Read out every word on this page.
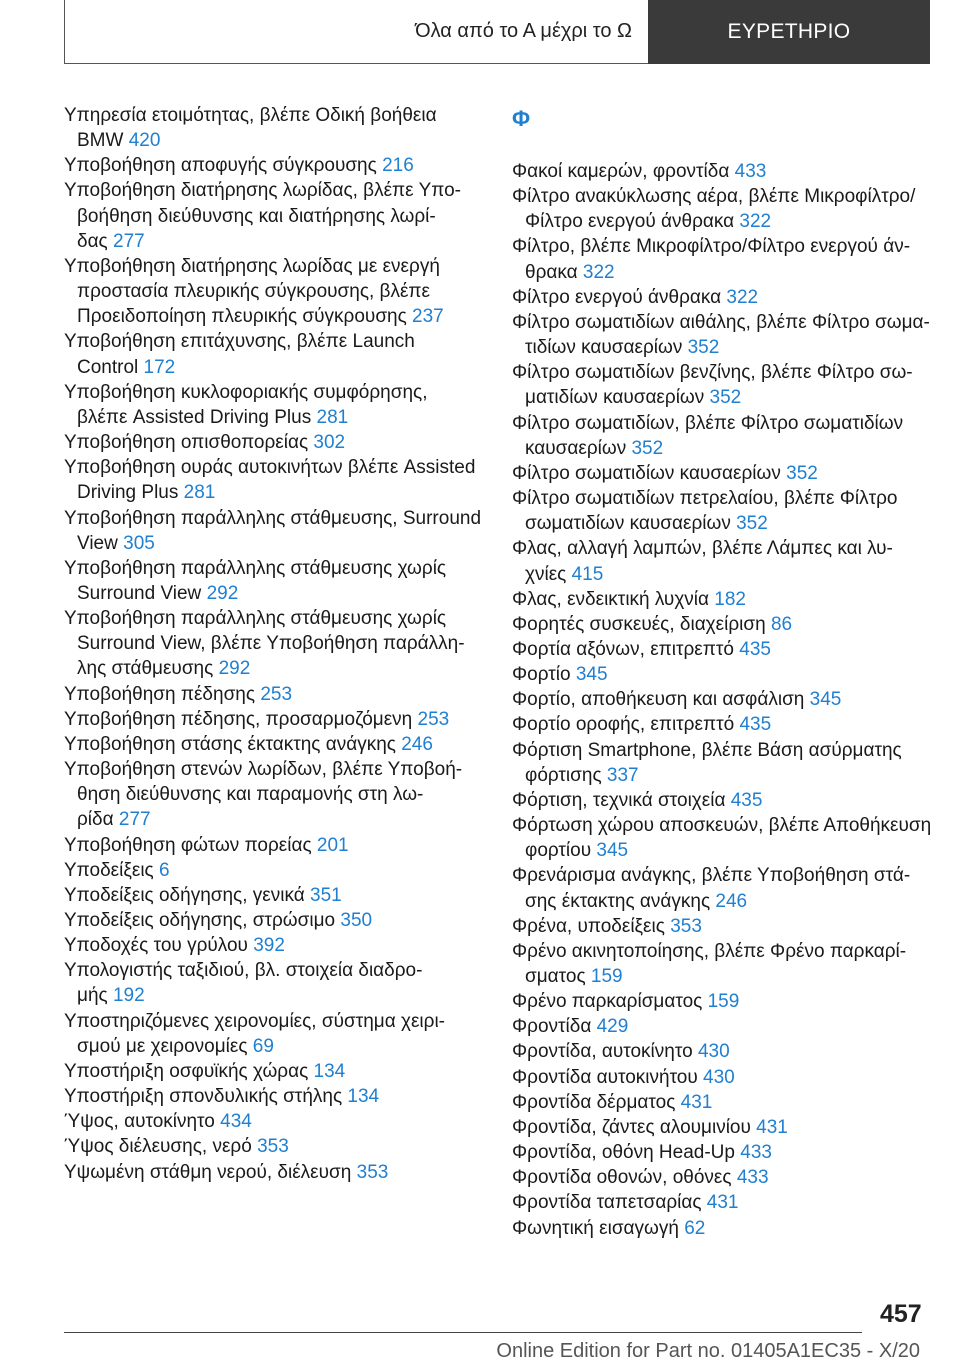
Όλα από το Α μέχρι το Ω	ΕΥΡΕΤΗΡΙΟ
Υπηρεσία ετοιμότητας, βλέπε Οδική βοήθεια
BMW 420
Υποβοήθηση αποφυγής σύγκρουσης 216
Υποβοήθηση διατήρησης λωρίδας, βλέπε Υπο-
βοήθηση διεύθυνσης και διατήρησης λωρί-
δας 277
Υποβοήθηση διατήρησης λωρίδας με ενεργή
προστασία πλευρικής σύγκρουσης, βλέπε
Προειδοποίηση πλευρικής σύγκρουσης 237
Υποβοήθηση επιτάχυνσης, βλέπε Launch
Control 172
Υποβοήθηση κυκλοφοριακής συμφόρησης,
βλέπε Assisted Driving Plus 281
Υποβοήθηση οπισθοπορείας 302
Υποβοήθηση ουράς αυτοκινήτων βλέπε Assisted
Driving Plus 281
Υποβοήθηση παράλληλης στάθμευσης, Surround
View 305
Υποβοήθηση παράλληλης στάθμευσης χωρίς
Surround View 292
Υποβοήθηση παράλληλης στάθμευσης χωρίς
Surround View, βλέπε Υποβοήθηση παράλλη-
λης στάθμευσης 292
Υποβοήθηση πέδησης 253
Υποβοήθηση πέδησης, προσαρμοζόμενη 253
Υποβοήθηση στάσης έκτακτης ανάγκης 246
Υποβοήθηση στενών λωρίδων, βλέπε Υποβοή-
θηση διεύθυνσης και παραμονής στη λω-
ρίδα 277
Υποβοήθηση φώτων πορείας 201
Υποδείξεις 6
Υποδείξεις οδήγησης, γενικά 351
Υποδείξεις οδήγησης, στρώσιμο 350
Υποδοχές του γρύλου 392
Υπολογιστής ταξιδιού, βλ. στοιχεία διαδρο-
μής 192
Υποστηριζόμενες χειρονομίες, σύστημα χειρι-
σμού με χειρονομίες 69
Υποστήριξη οσφυϊκής χώρας 134
Υποστήριξη σπονδυλικής στήλης 134
Ύψος, αυτοκίνητο 434
Ύψος διέλευσης, νερό 353
Υψωμένη στάθμη νερού, διέλευση 353
Φ
Φακοί καμερών, φροντίδα 433
Φίλτρο ανακύκλωσης αέρα, βλέπε Μικροφίλτρο/
Φίλτρο ενεργού άνθρακα 322
Φίλτρο, βλέπε Μικροφίλτρο/Φίλτρο ενεργού άν-
θρακα 322
Φίλτρο ενεργού άνθρακα 322
Φίλτρο σωματιδίων αιθάλης, βλέπε Φίλτρο σωμα-
τιδίων καυσαερίων 352
Φίλτρο σωματιδίων βενζίνης, βλέπε Φίλτρο σω-
ματιδίων καυσαερίων 352
Φίλτρο σωματιδίων, βλέπε Φίλτρο σωματιδίων
καυσαερίων 352
Φίλτρο σωματιδίων καυσαερίων 352
Φίλτρο σωματιδίων πετρελαίου, βλέπε Φίλτρο
σωματιδίων καυσαερίων 352
Φλας, αλλαγή λαμπών, βλέπε Λάμπες και λυ-
χνίες 415
Φλας, ενδεικτική λυχνία 182
Φορητές συσκευές, διαχείριση 86
Φορτία αξόνων, επιτρεπτό 435
Φορτίο 345
Φορτίο, αποθήκευση και ασφάλιση 345
Φορτίο οροφής, επιτρεπτό 435
Φόρτιση Smartphone, βλέπε Βάση ασύρματης
φόρτισης 337
Φόρτιση, τεχνικά στοιχεία 435
Φόρτωση χώρου αποσκευών, βλέπε Αποθήκευση
φορτίου 345
Φρενάρισμα ανάγκης, βλέπε Υποβοήθηση στά-
σης έκτακτης ανάγκης 246
Φρένα, υποδείξεις 353
Φρένο ακινητοποίησης, βλέπε Φρένο παρκαρί-
σματος 159
Φρένο παρκαρίσματος 159
Φροντίδα 429
Φροντίδα, αυτοκίνητο 430
Φροντίδα αυτοκινήτου 430
Φροντίδα δέρματος 431
Φροντίδα, ζάντες αλουμινίου 431
Φροντίδα, οθόνη Head-Up 433
Φροντίδα οθονών, οθόνες 433
Φροντίδα ταπετσαρίας 431
Φωνητική εισαγωγή 62
457
Online Edition for Part no. 01405A1EC35 - X/20
